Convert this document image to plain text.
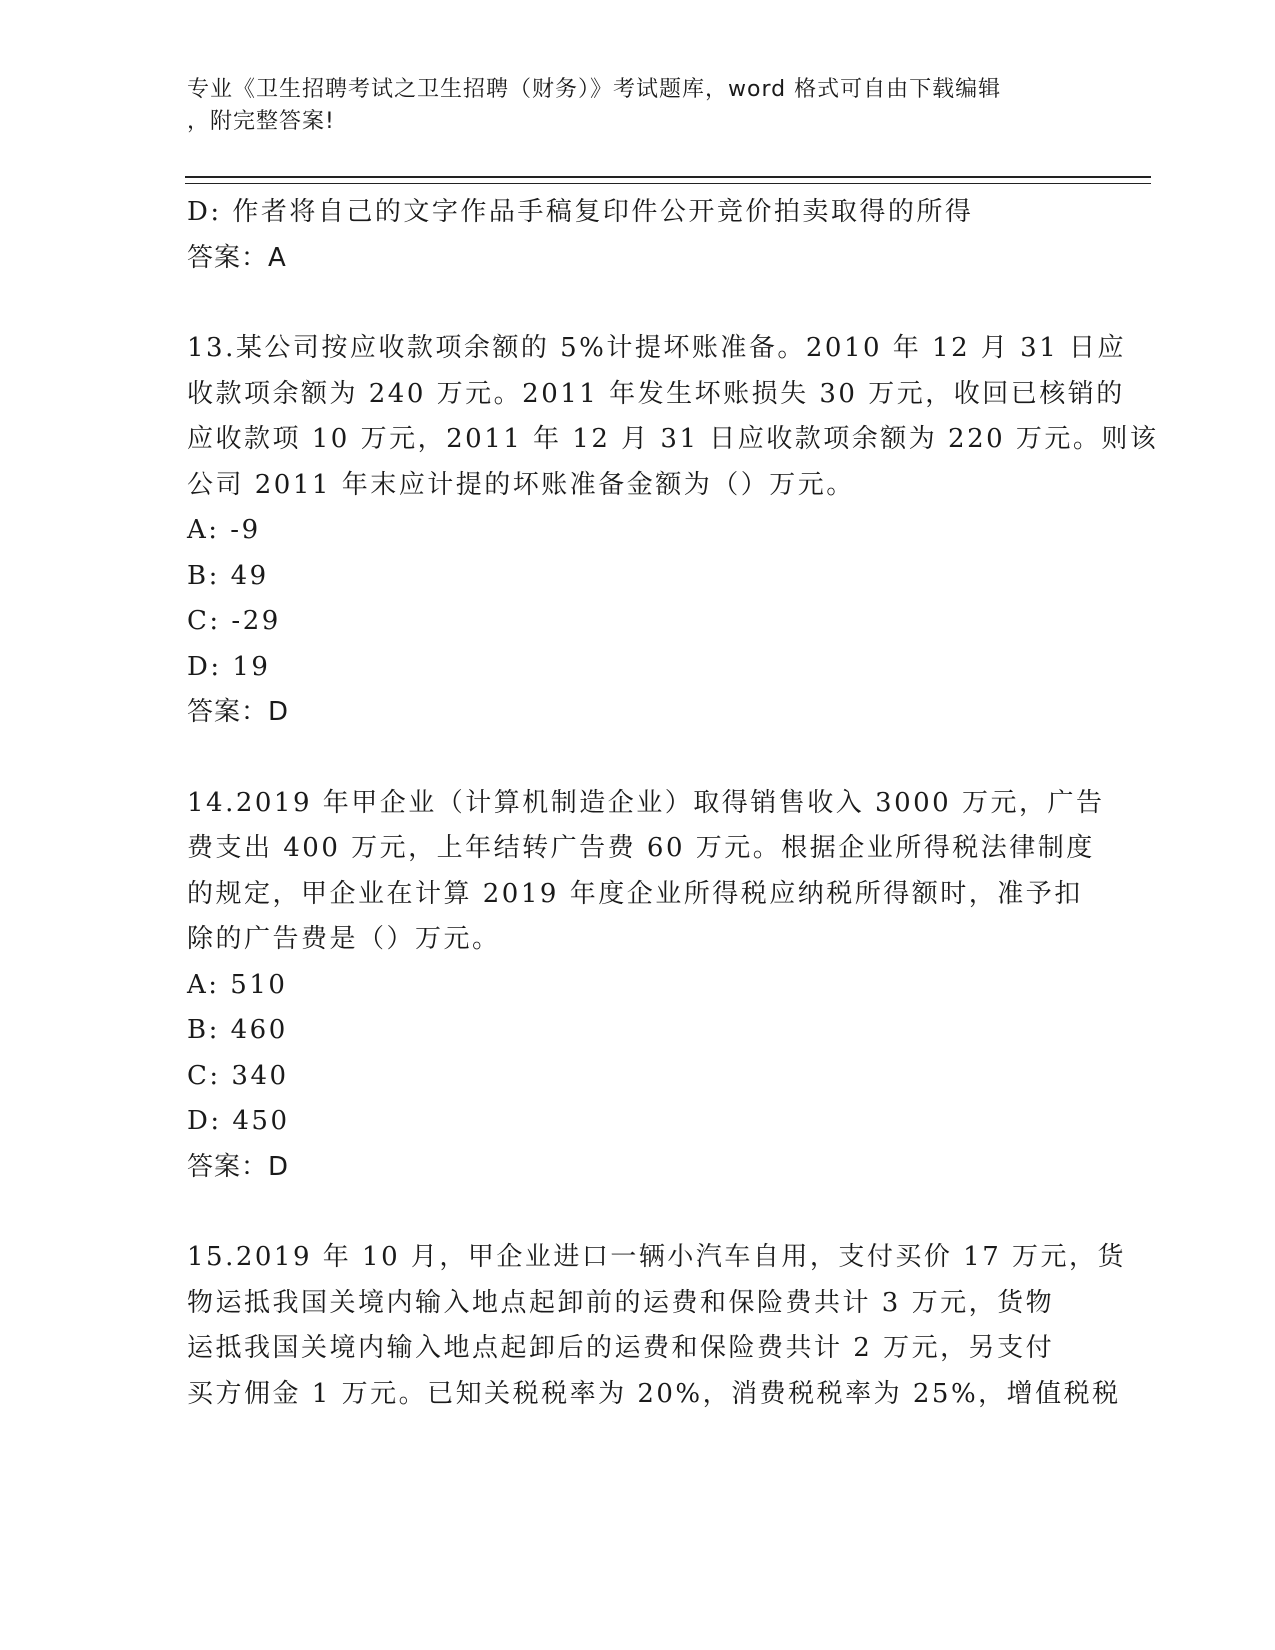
专业《卫生招聘考试之卫生招聘（财务）》考试题库，word 格式可自由下载编辑
，附完整答案!
D: 作者将自己的文字作品手稿复印件公开竞价拍卖取得的所得
答案：A
13.某公司按应收款项余额的 5%计提坏账准备。2010 年 12 月 31 日应
收款项余额为 240 万元。2011 年发生坏账损失 30 万元，收回已核销的
应收款项 10 万元，2011 年 12 月 31 日应收款项余额为 220 万元。则该
公司 2011 年末应计提的坏账准备金额为（）万元。
A: -9
B: 49
C: -29
D: 19
答案：D
14.2019 年甲企业（计算机制造企业）取得销售收入 3000 万元，广告
费支出 400 万元，上年结转广告费 60 万元。根据企业所得税法律制度
的规定，甲企业在计算 2019 年度企业所得税应纳税所得额时，准予扣
除的广告费是（）万元。
A: 510
B: 460
C: 340
D: 450
答案：D
15.2019 年 10 月，甲企业进口一辆小汽车自用，支付买价 17 万元，货
物运抵我国关境内输入地点起卸前的运费和保险费共计 3 万元，货物
运抵我国关境内输入地点起卸后的运费和保险费共计 2 万元，另支付
买方佣金 1 万元。已知关税税率为 20%，消费税税率为 25%，增值税税
